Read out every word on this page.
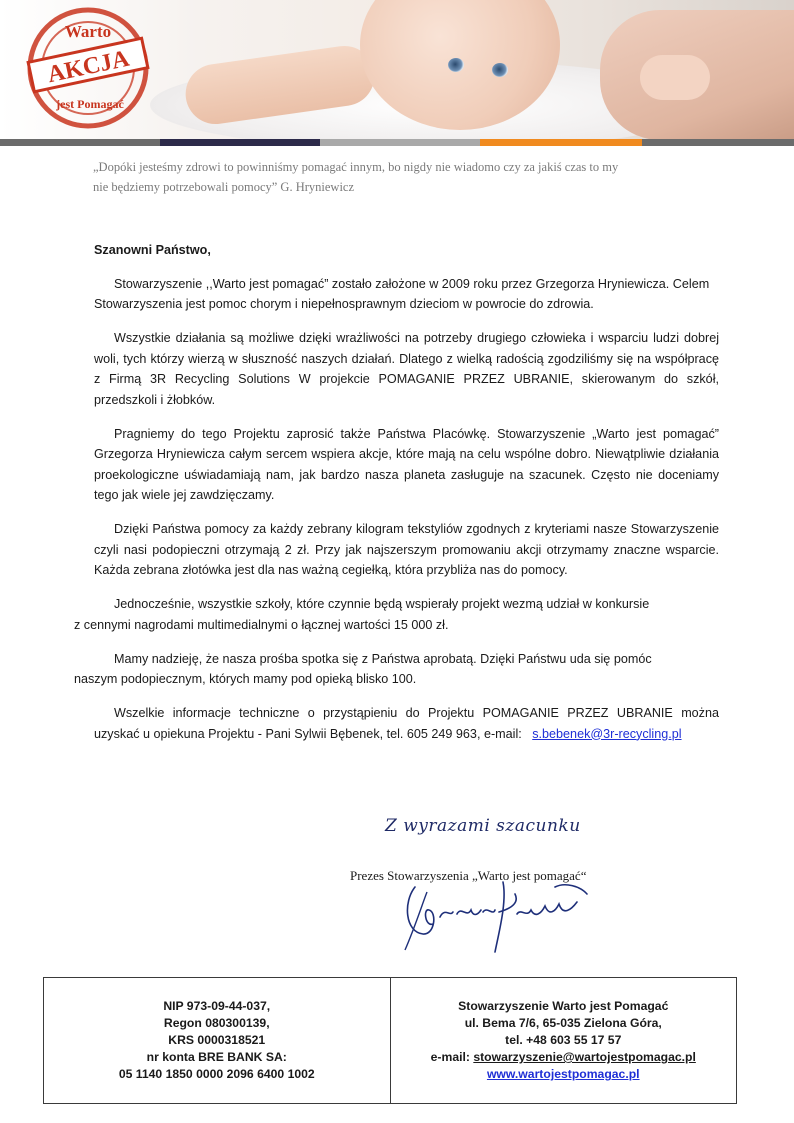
Warto
AKCJA
jest Pomagać
„Dopóki jesteśmy zdrowi to powinniśmy pomagać innym, bo nigdy nie wiadomo czy za jakiś czas to my
nie będziemy potrzebowali pomocy” G. Hryniewicz

Szanowni Państwo,

Stowarzyszenie ,,Warto jest pomagać” zostało założone w 2009 roku przez Grzegorza Hryniewicza. Celem Stowarzyszenia jest pomoc chorym i niepełnosprawnym dzieciom w powrocie do zdrowia.

Wszystkie działania są możliwe dzięki wrażliwości na potrzeby drugiego człowieka i wsparciu ludzi dobrej woli, tych którzy wierzą w słuszność naszych działań. Dlatego z wielką radością zgodziliśmy się na współpracę z Firmą 3R Recycling Solutions W projekcie POMAGANIE PRZEZ UBRANIE, skierowanym do szkół, przedszkoli i żłobków.

Pragniemy do tego Projektu zaprosić także Państwa Placówkę. Stowarzyszenie „Warto jest pomagać” Grzegorza Hryniewicza całym sercem wspiera akcje, które mają na celu wspólne dobro. Niewątpliwie działania proekologiczne uświadamiają nam, jak bardzo nasza planeta zasługuje na szacunek. Często nie doceniamy tego jak wiele jej zawdzięczamy.

Dzięki Państwa pomocy za każdy zebrany kilogram tekstyliów zgodnych z kryteriami nasze Stowarzyszenie czyli nasi podopieczni otrzymają 2 zł. Przy jak najszerszym promowaniu akcji otrzymamy znaczne wsparcie. Każda zebrana złotówka jest dla nas ważną cegiełką, która przybliża nas do pomocy.

Jednocześnie, wszystkie szkoły, które czynnie będą wspierały projekt wezmą udział w konkursie
z cennymi nagrodami multimedialnymi o łącznej wartości 15 000 zł.

Mamy nadzieję, że nasza prośba spotka się z Państwa aprobatą. Dzięki Państwu uda się pomóc
naszym podopiecznym, których mamy pod opieką blisko 100.

Wszelkie informacje techniczne o przystąpieniu do Projektu POMAGANIE PRZEZ UBRANIE można uzyskać u opiekuna Projektu - Pani Sylwii Bębenek, tel. 605 249 963, e-mail: s.bebenek@3r-recycling.pl

Z wyrazami szacunku
Prezes Stowarzyszenia „Warto jest pomagać“
NIP 973-09-44-037,
Regon 080300139,
KRS 0000318521
nr konta BRE BANK SA:
05 1140 1850 0000 2096 6400 1002
Stowarzyszenie Warto jest Pomagać
ul. Bema 7/6, 65-035 Zielona Góra,
tel. +48 603 55 17 57
e-mail: stowarzyszenie@wartojestpomagac.pl
www.wartojestpomagac.pl
